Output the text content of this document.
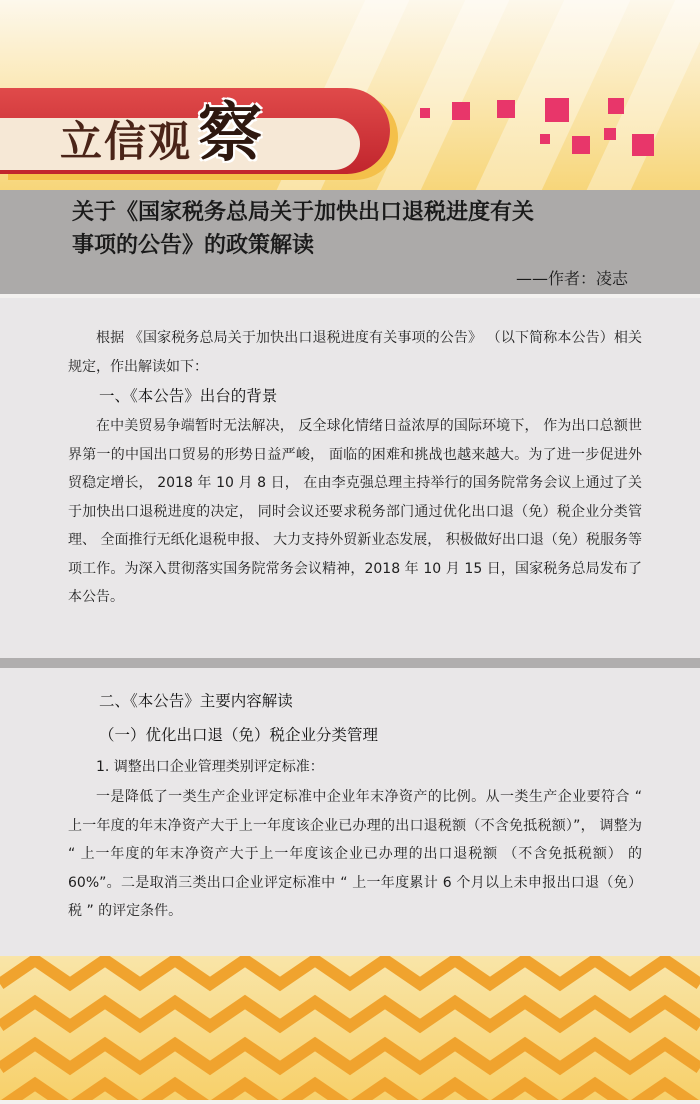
立信观 察
关于《国家税务总局关于加快出口退税进度有关
事项的公告》的政策解读
——作者：凌志

根据 《国家税务总局关于加快出口退税进度有关事项的公告》 （以下简称本公告）相关规定，作出解读如下：

一、《本公告》出台的背景

在中美贸易争端暂时无法解决， 反全球化情绪日益浓厚的国际环境下， 作为出口总额世界第一的中国出口贸易的形势日益严峻， 面临的困难和挑战也越来越大。为了进一步促进外贸稳定增长， 2018 年 10 月 8 日， 在由李克强总理主持举行的国务院常务会议上通过了关于加快出口退税进度的决定， 同时会议还要求税务部门通过优化出口退（免）税企业分类管理、 全面推行无纸化退税申报、 大力支持外贸新业态发展， 积极做好出口退（免）税服务等项工作。为深入贯彻落实国务院常务会议精神，2018 年 10 月 15 日，国家税务总局发布了本公告。

二、《本公告》主要内容解读

（一）优化出口退（免）税企业分类管理

1. 调整出口企业管理类别评定标准：

一是降低了一类生产企业评定标准中企业年末净资产的比例。从一类生产企业要符合 “ 上一年度的年末净资产大于上一年度该企业已办理的出口退税额（不含免抵税额）”， 调整为 “ 上一年度的年末净资产大于上一年度该企业已办理的出口退税额 （不含免抵税额） 的 60%”。二是取消三类出口企业评定标准中 “ 上一年度累计 6 个月以上未申报出口退（免）税 ” 的评定条件。
